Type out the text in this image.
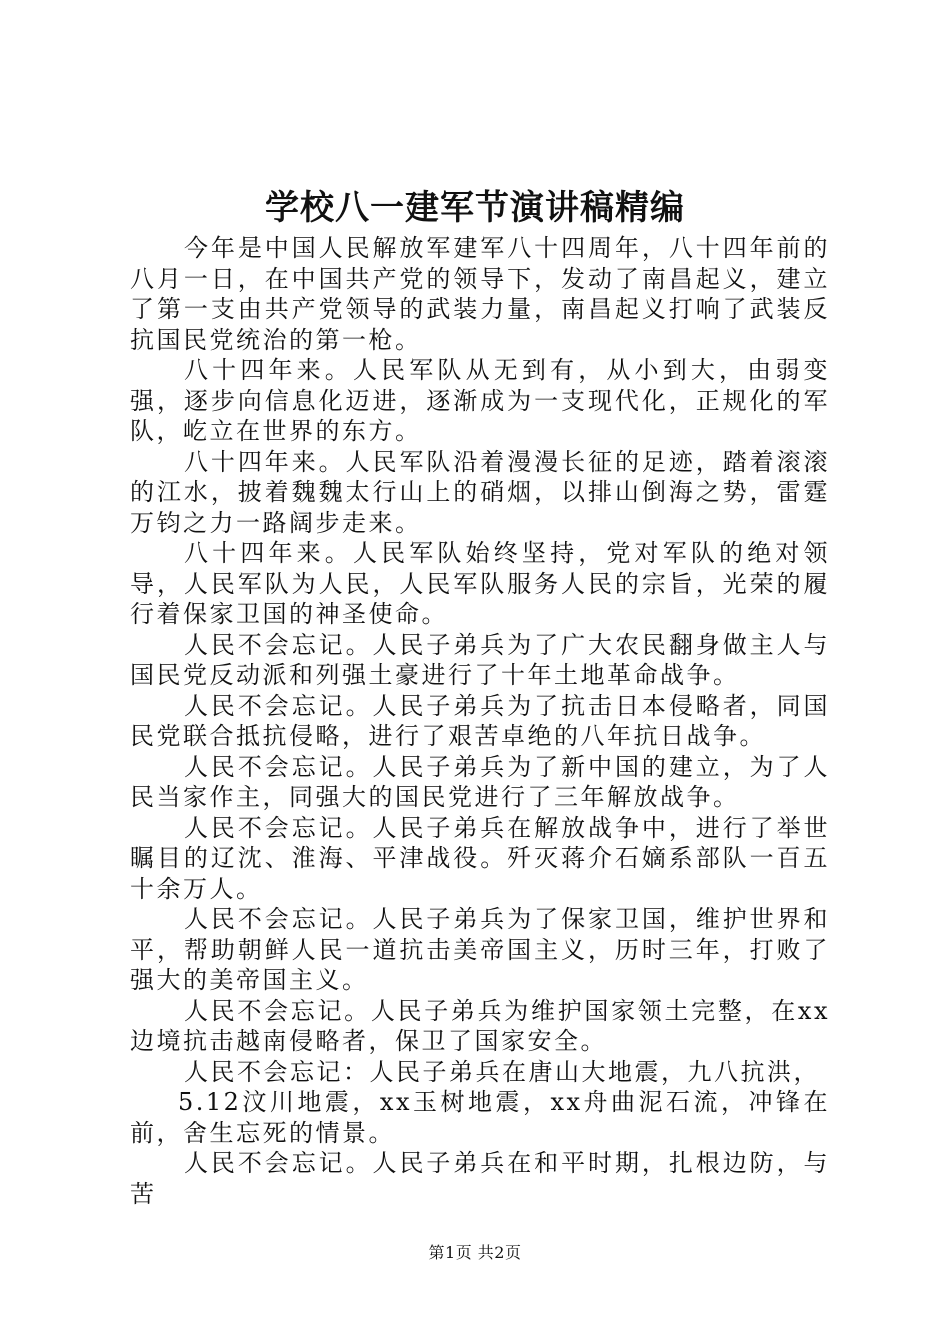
学校八一建军节演讲稿精编

今年是中国人民解放军建军八十四周年，八十四年前的八月一日，在中国共产党的领导下，发动了南昌起义，建立了第一支由共产党领导的武装力量，南昌起义打响了武装反抗国民党统治的第一枪。

八十四年来。人民军队从无到有，从小到大，由弱变强，逐步向信息化迈进，逐渐成为一支现代化，正规化的军队，屹立在世界的东方。

八十四年来。人民军队沿着漫漫长征的足迹，踏着滚滚的江水，披着魏魏太行山上的硝烟，以排山倒海之势，雷霆万钧之力一路阔步走来。

八十四年来。人民军队始终坚持，党对军队的绝对领导，人民军队为人民，人民军队服务人民的宗旨，光荣的履行着保家卫国的神圣使命。

人民不会忘记。人民子弟兵为了广大农民翻身做主人与国民党反动派和列强土豪进行了十年土地革命战争。

人民不会忘记。人民子弟兵为了抗击日本侵略者，同国民党联合抵抗侵略，进行了艰苦卓绝的八年抗日战争。

人民不会忘记。人民子弟兵为了新中国的建立，为了人民当家作主，同强大的国民党进行了三年解放战争。

人民不会忘记。人民子弟兵在解放战争中，进行了举世瞩目的辽沈、淮海、平津战役。歼灭蒋介石嫡系部队一百五十余万人。

人民不会忘记。人民子弟兵为了保家卫国，维护世界和平，帮助朝鲜人民一道抗击美帝国主义，历时三年，打败了强大的美帝国主义。

人民不会忘记。人民子弟兵为维护国家领土完整，在xx边境抗击越南侵略者，保卫了国家安全。

人民不会忘记：人民子弟兵在唐山大地震，九八抗洪，

5.12汶川地震，xx玉树地震，xx舟曲泥石流，冲锋在前，舍生忘死的情景。

人民不会忘记。人民子弟兵在和平时期，扎根边防，与苦

第1页 共2页
